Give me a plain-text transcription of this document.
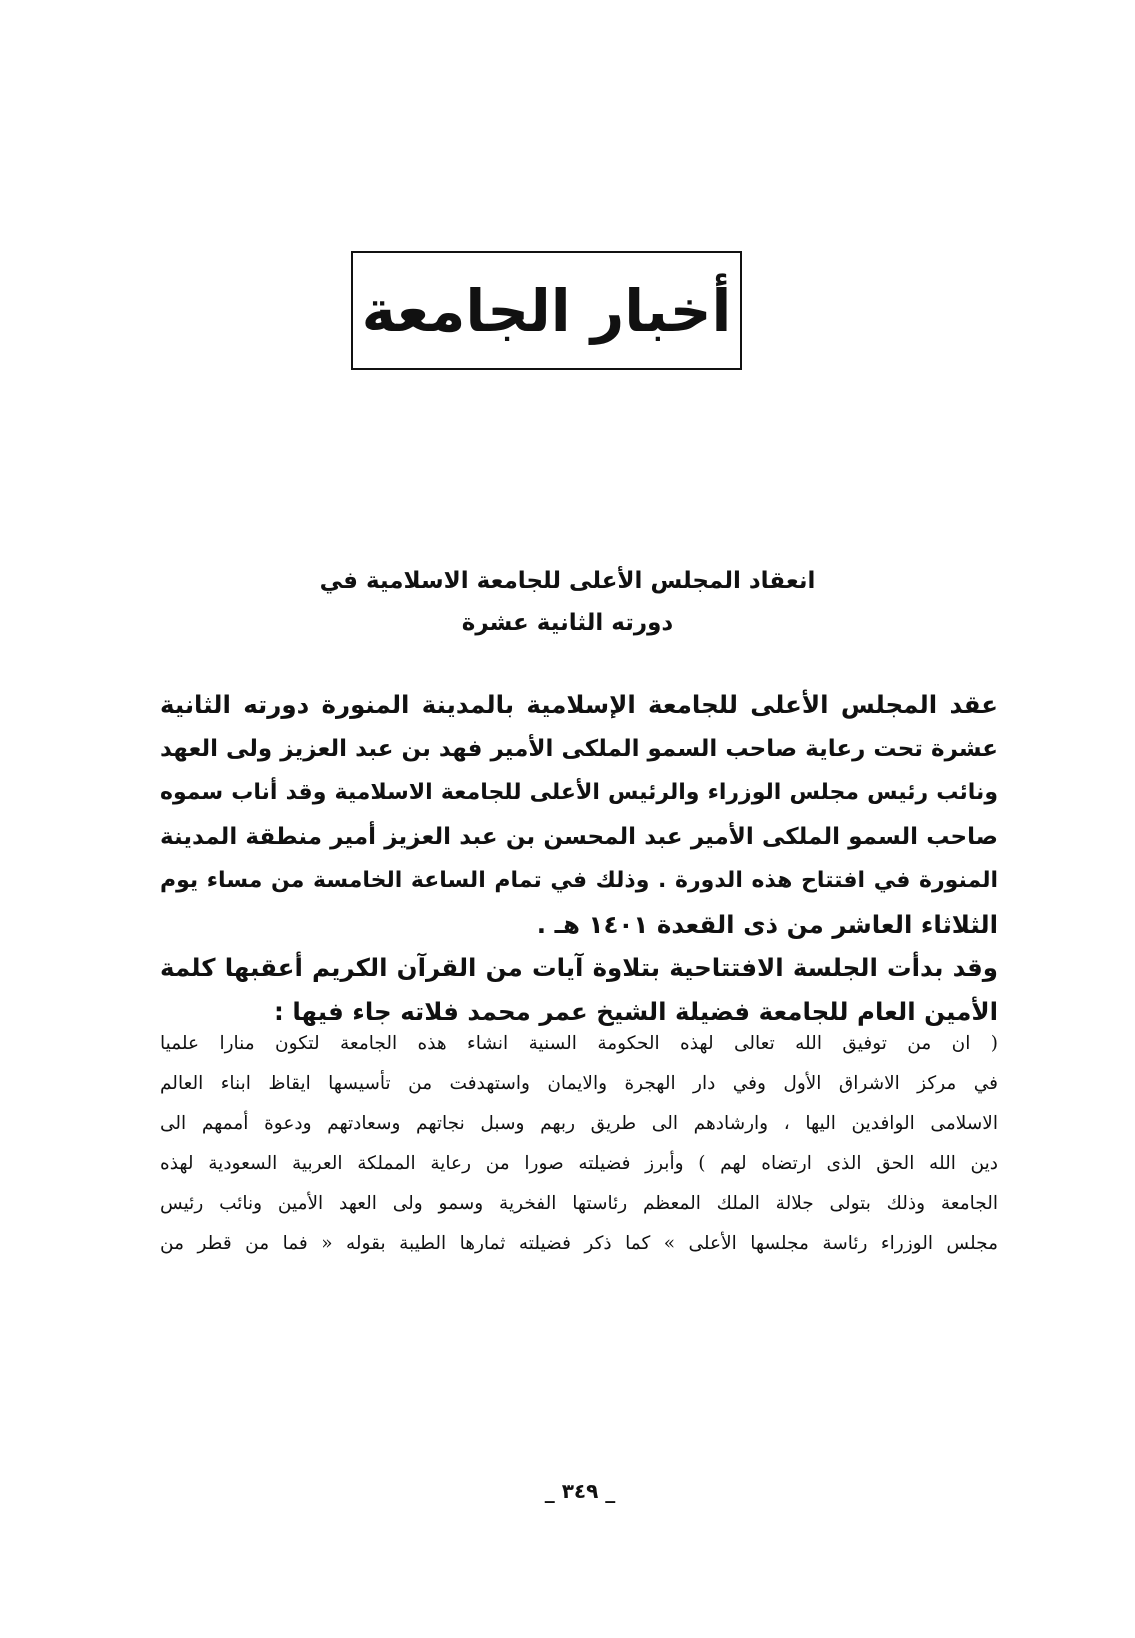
أخبار الجامعة
انعقاد المجلس الأعلى للجامعة الاسلامية في
دورته الثانية عشرة
عقد المجلس الأعلى للجامعة الإسلامية بالمدينة المنورة دورته الثانية
عشرة تحت رعاية صاحب السمو الملكى الأمير فهد بن عبد العزيز ولى العهد
ونائب رئيس مجلس الوزراء والرئيس الأعلى للجامعة الاسلامية وقد أناب سموه
صاحب السمو الملكى الأمير عبد المحسن بن عبد العزيز أمير منطقة المدينة
المنورة في افتتاح هذه الدورة . وذلك في تمام الساعة الخامسة من مساء يوم
الثلاثاء العاشر من ذى القعدة ١٤٠١ هـ .
وقد بدأت الجلسة الافتتاحية بتلاوة آيات من القرآن الكريم أعقبها كلمة
الأمين العام للجامعة فضيلة الشيخ عمر محمد فلاته جاء فيها :
( ان من توفيق الله تعالى لهذه الحكومة السنية انشاء هذه الجامعة لتكون منارا علميا
في مركز الاشراق الأول وفي دار الهجرة والايمان واستهدفت من تأسيسها ايقاظ ابناء العالم
الاسلامى الوافدين اليها ، وارشادهم الى طريق ربهم وسبل نجاتهم وسعادتهم ودعوة أممهم الى
دين الله الحق الذى ارتضاه لهم ) وأبرز فضيلته صورا من رعاية المملكة العربية السعودية لهذه
الجامعة وذلك بتولى جلالة الملك المعظم رئاستها الفخرية وسمو ولى العهد الأمين ونائب رئيس
مجلس الوزراء رئاسة مجلسها الأعلى » كما ذكر فضيلته ثمارها الطيبة بقوله « فما من قطر من
_ ٣٤٩ _
